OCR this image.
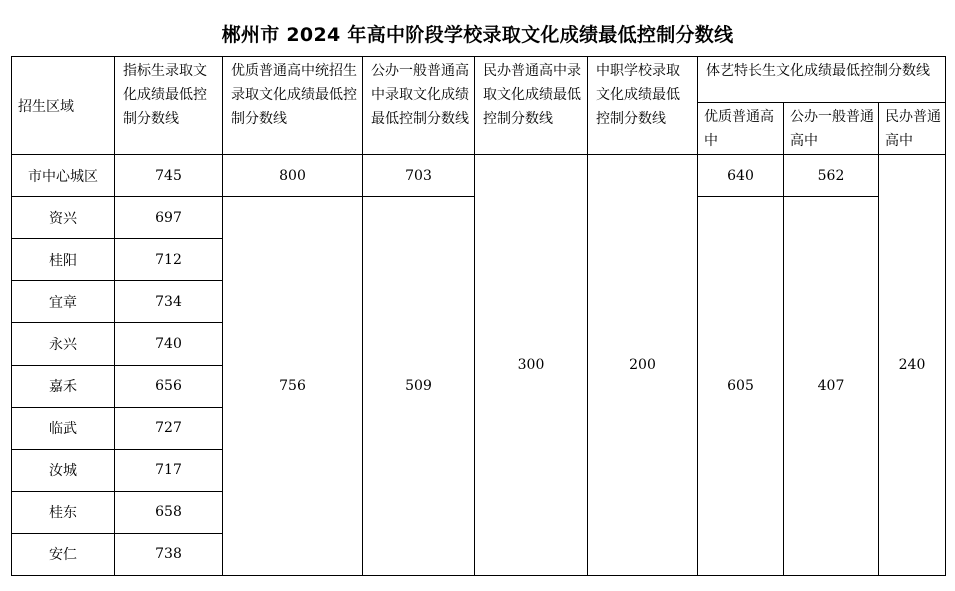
郴州市 2024 年高中阶段学校录取文化成绩最低控制分数线
招生区域	指标生录取文化成绩最低控制分数线	优质普通高中统招生录取文化成绩最低控制分数线	公办一般普通高中录取文化成绩最低控制分数线	民办普通高中录取文化成绩最低控制分数线	中职学校录取文化成绩最低控制分数线	体艺特长生文化成绩最低控制分数线		
						优质普通高中	公办一般普通高中	民办普通高中
市中心城区	745	800	703	300	200	640	562	240
资兴	697	756	509			605	407	
桂阳	712							
宜章	734							
永兴	740							
嘉禾	656							
临武	727							
汝城	717							
桂东	658							
安仁	738							
